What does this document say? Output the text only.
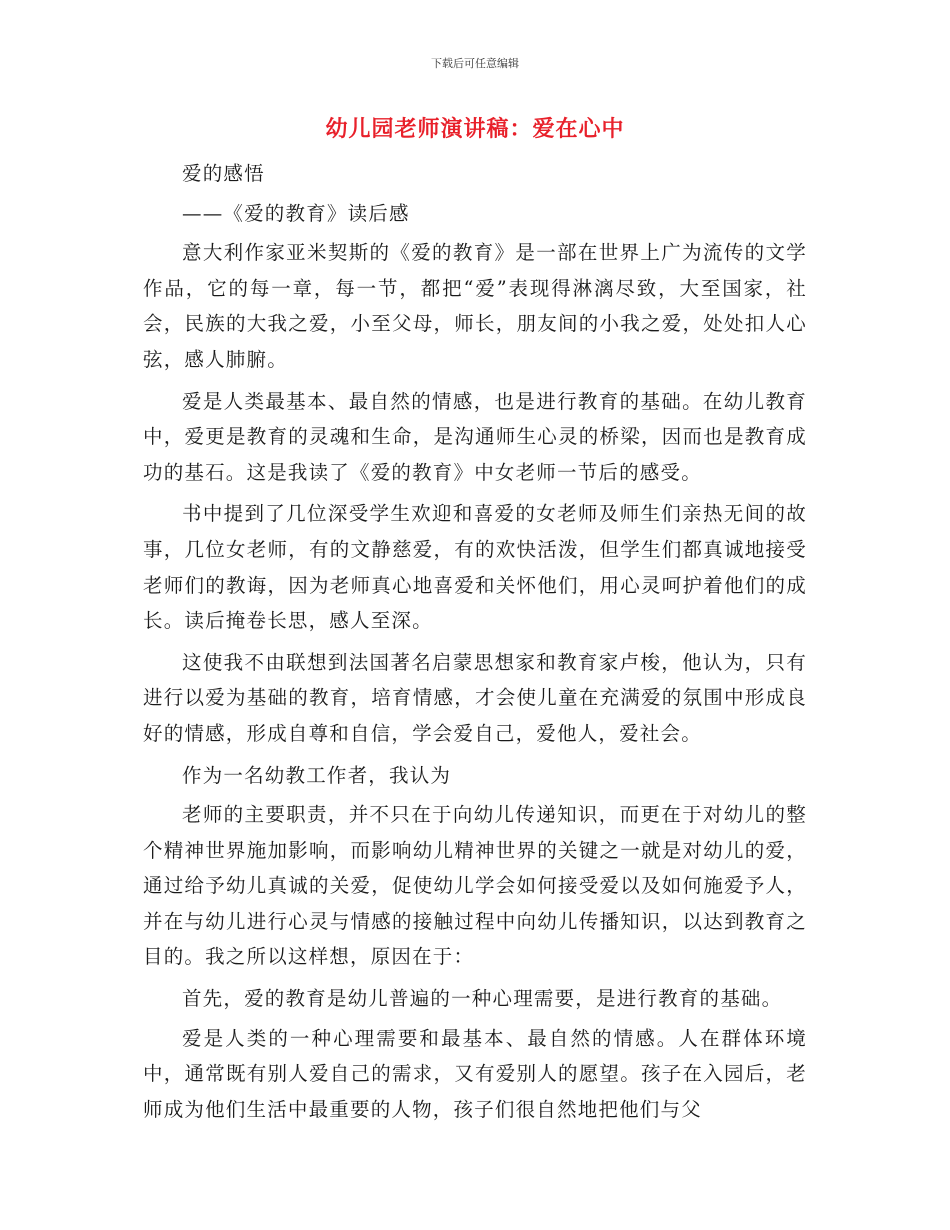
下载后可任意编辑
幼儿园老师演讲稿：爱在心中

爱的感悟

——《爱的教育》读后感

意大利作家亚米契斯的《爱的教育》是一部在世界上广为流传的文学作品，它的每一章，每一节，都把“爱”表现得淋漓尽致，大至国家，社会，民族的大我之爱，小至父母，师长，朋友间的小我之爱，处处扣人心弦，感人肺腑。

爱是人类最基本、最自然的情感，也是进行教育的基础。在幼儿教育中，爱更是教育的灵魂和生命，是沟通师生心灵的桥梁，因而也是教育成功的基石。这是我读了《爱的教育》中女老师一节后的感受。

书中提到了几位深受学生欢迎和喜爱的女老师及师生们亲热无间的故事，几位女老师，有的文静慈爱，有的欢快活泼，但学生们都真诚地接受老师们的教诲，因为老师真心地喜爱和关怀他们，用心灵呵护着他们的成长。读后掩卷长思，感人至深。

这使我不由联想到法国著名启蒙思想家和教育家卢梭，他认为，只有进行以爱为基础的教育，培育情感，才会使儿童在充满爱的氛围中形成良好的情感，形成自尊和自信，学会爱自己，爱他人，爱社会。

作为一名幼教工作者，我认为

老师的主要职责，并不只在于向幼儿传递知识，而更在于对幼儿的整个精神世界施加影响，而影响幼儿精神世界的关键之一就是对幼儿的爱，通过给予幼儿真诚的关爱，促使幼儿学会如何接受爱以及如何施爱予人，并在与幼儿进行心灵与情感的接触过程中向幼儿传播知识，以达到教育之目的。我之所以这样想，原因在于：

首先，爱的教育是幼儿普遍的一种心理需要，是进行教育的基础。

爱是人类的一种心理需要和最基本、最自然的情感。人在群体环境中，通常既有别人爱自己的需求，又有爱别人的愿望。孩子在入园后，老师成为他们生活中最重要的人物，孩子们很自然地把他们与父
